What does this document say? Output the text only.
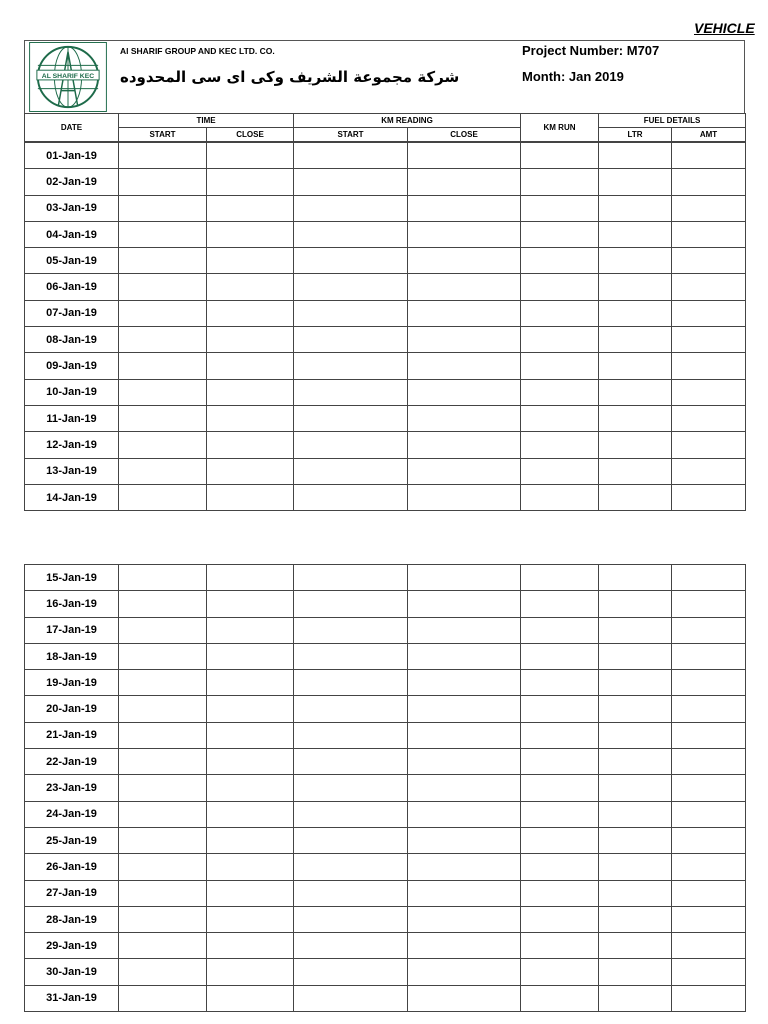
VEHICLE
AL SHARIF KEC
Al SHARIF GROUP AND KEC LTD. CO.
شركة مجموعة الشريف وكى اى سى المحدوده
Project Number: M707
Month: Jan 2019
DATE	TIME		KM READING		KM RUN	FUEL DETAILS	
	START	CLOSE	START	CLOSE		LTR	AMT
01-Jan-19							
02-Jan-19							
03-Jan-19							
04-Jan-19							
05-Jan-19							
06-Jan-19							
07-Jan-19							
08-Jan-19							
09-Jan-19							
10-Jan-19							
11-Jan-19							
12-Jan-19							
13-Jan-19							
14-Jan-19							
15-Jan-19							
16-Jan-19							
17-Jan-19							
18-Jan-19							
19-Jan-19							
20-Jan-19							
21-Jan-19							
22-Jan-19							
23-Jan-19							
24-Jan-19							
25-Jan-19							
26-Jan-19							
27-Jan-19							
28-Jan-19							
29-Jan-19							
30-Jan-19							
31-Jan-19							
